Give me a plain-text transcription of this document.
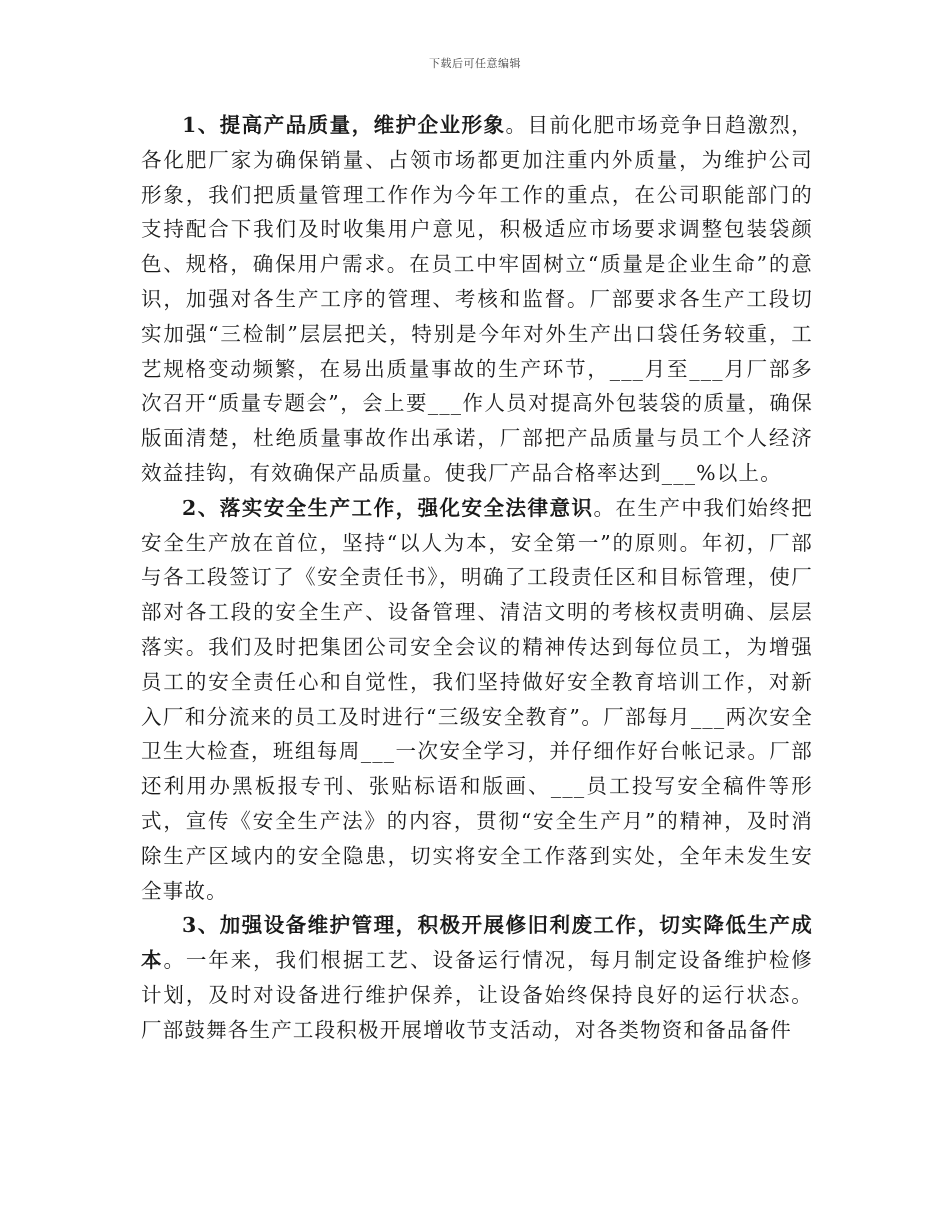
下载后可任意编辑

1、提高产品质量，维护企业形象。目前化肥市场竞争日趋激烈，各化肥厂家为确保销量、占领市场都更加注重内外质量，为维护公司形象，我们把质量管理工作作为今年工作的重点，在公司职能部门的支持配合下我们及时收集用户意见，积极适应市场要求调整包装袋颜色、规格，确保用户需求。在员工中牢固树立“质量是企业生命”的意识，加强对各生产工序的管理、考核和监督。厂部要求各生产工段切实加强“三检制”层层把关，特别是今年对外生产出口袋任务较重，工艺规格变动频繁，在易出质量事故的生产环节，___月至___月厂部多次召开“质量专题会”，会上要___作人员对提高外包装袋的质量，确保版面清楚，杜绝质量事故作出承诺，厂部把产品质量与员工个人经济效益挂钩，有效确保产品质量。使我厂产品合格率达到___%以上。

2、落实安全生产工作，强化安全法律意识。在生产中我们始终把安全生产放在首位，坚持“以人为本，安全第一”的原则。年初，厂部与各工段签订了《安全责任书》，明确了工段责任区和目标管理，使厂部对各工段的安全生产、设备管理、清洁文明的考核权责明确、层层落实。我们及时把集团公司安全会议的精神传达到每位员工，为增强员工的安全责任心和自觉性，我们坚持做好安全教育培训工作，对新入厂和分流来的员工及时进行“三级安全教育”。厂部每月___两次安全卫生大检查，班组每周___一次安全学习，并仔细作好台帐记录。厂部还利用办黑板报专刊、张贴标语和版画、___员工投写安全稿件等形式，宣传《安全生产法》的内容，贯彻“安全生产月”的精神，及时消除生产区域内的安全隐患，切实将安全工作落到实处，全年未发生安全事故。

3、加强设备维护管理，积极开展修旧利废工作，切实降低生产成本。一年来，我们根据工艺、设备运行情况，每月制定设备维护检修计划，及时对设备进行维护保养，让设备始终保持良好的运行状态。厂部鼓舞各生产工段积极开展增收节支活动，对各类物资和备品备件
